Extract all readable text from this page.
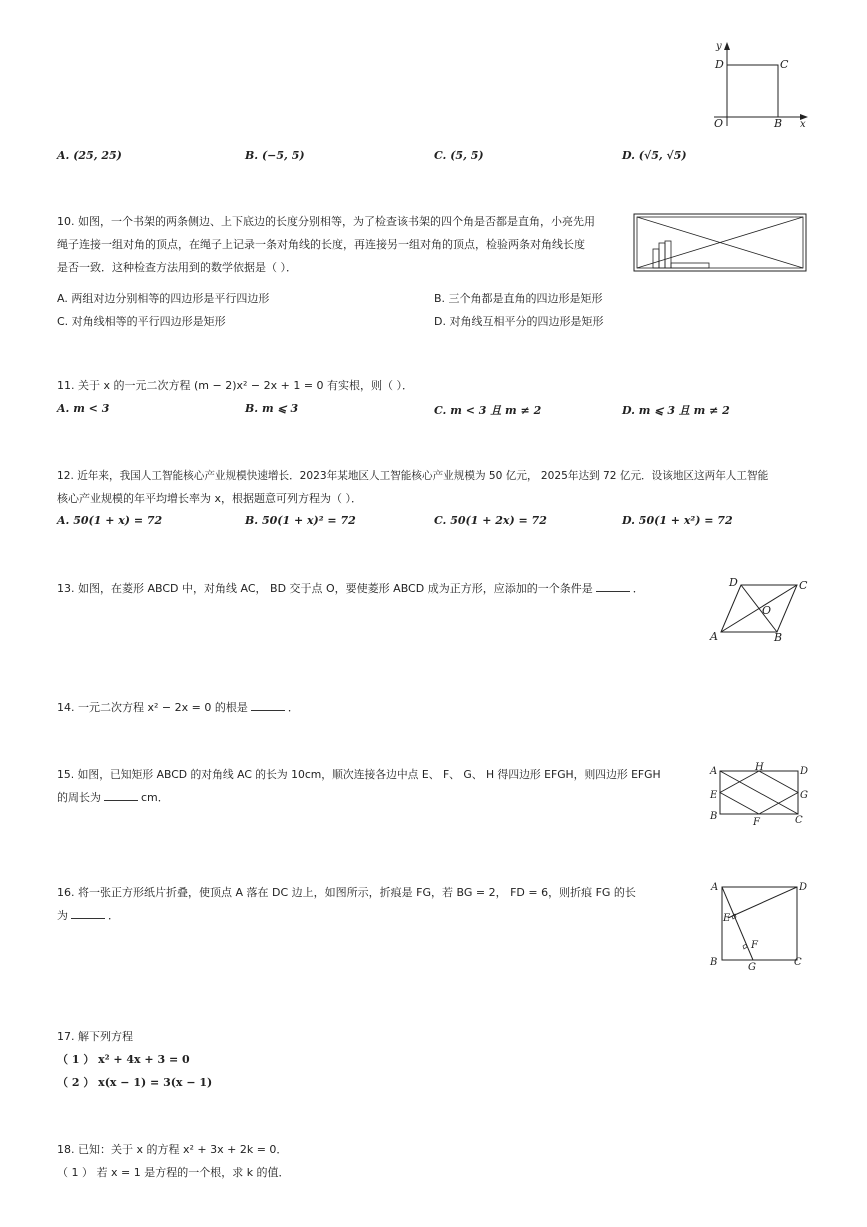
y
D	C
O	B x
A. (25, 25)	B. (−5, 5)	C. (5, 5)	D. (√5, √5)
10. 如图，一个书架的两条侧边、上下底边的长度分别相等，为了检查该书架的四个角是否都是直角，小亮先用
绳子连接一组对角的顶点，在绳子上记录一条对角线的长度，再连接另一组对角的顶点，检验两条对角线长度
是否一致．这种检查方法用到的数学依据是（ ）．
A. 两组对边分别相等的四边形是平行四边形	B. 三个角都是直角的四边形是矩形
C. 对角线相等的平行四边形是矩形	D. 对角线互相平分的四边形是矩形
11. 关于 x 的一元二次方程 (m − 2)x² − 2x + 1 = 0 有实根，则（ ）．
A. m < 3	B. m ⩽ 3	C. m < 3 且 m ≠ 2	D. m ⩽ 3 且 m ≠ 2
12. 近年来，我国人工智能核心产业规模快速增长．2023年某地区人工智能核心产业规模为 50 亿元， 2025年达到 72 亿元．设该地区这两年人工智能
核心产业规模的年平均增长率为 x，根据题意可列方程为（ ）．
A. 50(1 + x) = 72	B. 50(1 + x)² = 72	C. 50(1 + 2x) = 72	D. 50(1 + x²) = 72
13. 如图，在菱形 ABCD 中，对角线 AC， BD 交于点 O，要使菱形 ABCD 成为正方形，应添加的一个条件是	．	D	C
O
A	B
14. 一元二次方程 x² − 2x = 0 的根是	．
15. 如图，已知矩形 ABCD 的对角线 AC 的长为 10cm，顺次连接各边中点 E、 F、 G、 H 得四边形 EFGH，则四边形 EFGH
的周长为	cm．
A	H	D
E	G
B
F	C
16. 将一张正方形纸片折叠，使顶点 A 落在 DC 边上，如图所示，折痕是 FG，若 BG = 2， FD = 6，则折痕 FG 的长
为	．
A	D
E
F
B	G	C
17. 解下列方程
（ 1 ） x² + 4x + 3 = 0
（ 2 ） x(x − 1) = 3(x − 1)
18. 已知：关于 x 的方程 x² + 3x + 2k = 0．
（ 1 ） 若 x = 1 是方程的一个根，求 k 的值．
